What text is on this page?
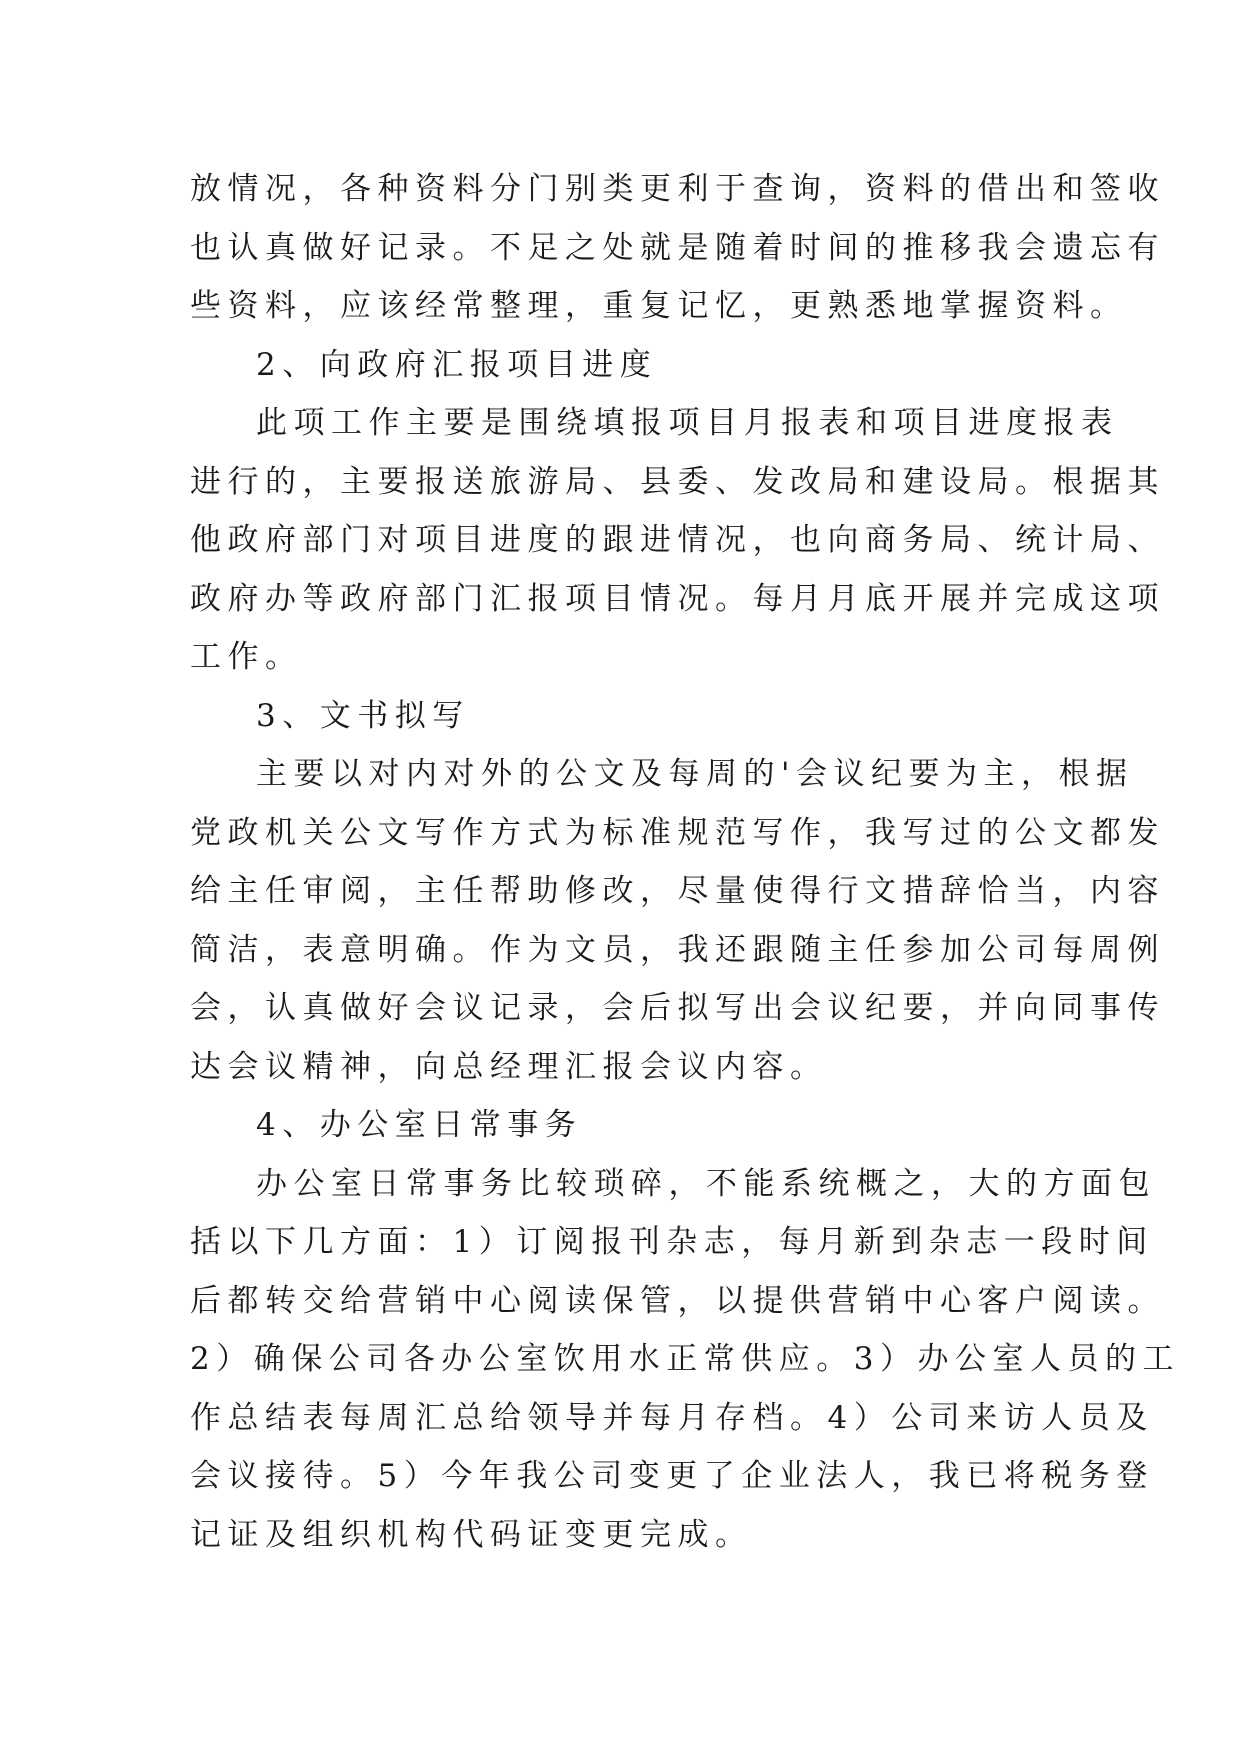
放情况，各种资料分门别类更利于查询，资料的借出和签收
也认真做好记录。不足之处就是随着时间的推移我会遗忘有
些资料，应该经常整理，重复记忆，更熟悉地掌握资料。
2、向政府汇报项目进度
此项工作主要是围绕填报项目月报表和项目进度报表
进行的，主要报送旅游局、县委、发改局和建设局。根据其
他政府部门对项目进度的跟进情况，也向商务局、统计局、
政府办等政府部门汇报项目情况。每月月底开展并完成这项
工作。
3、文书拟写
主要以对内对外的公文及每周的'会议纪要为主，根据
党政机关公文写作方式为标准规范写作，我写过的公文都发
给主任审阅，主任帮助修改，尽量使得行文措辞恰当，内容
简洁，表意明确。作为文员，我还跟随主任参加公司每周例
会，认真做好会议记录，会后拟写出会议纪要，并向同事传
达会议精神，向总经理汇报会议内容。
4、办公室日常事务
办公室日常事务比较琐碎，不能系统概之，大的方面包
括以下几方面：1）订阅报刊杂志，每月新到杂志一段时间
后都转交给营销中心阅读保管，以提供营销中心客户阅读。
2）确保公司各办公室饮用水正常供应。3）办公室人员的工
作总结表每周汇总给领导并每月存档。4）公司来访人员及
会议接待。5）今年我公司变更了企业法人，我已将税务登
记证及组织机构代码证变更完成。
